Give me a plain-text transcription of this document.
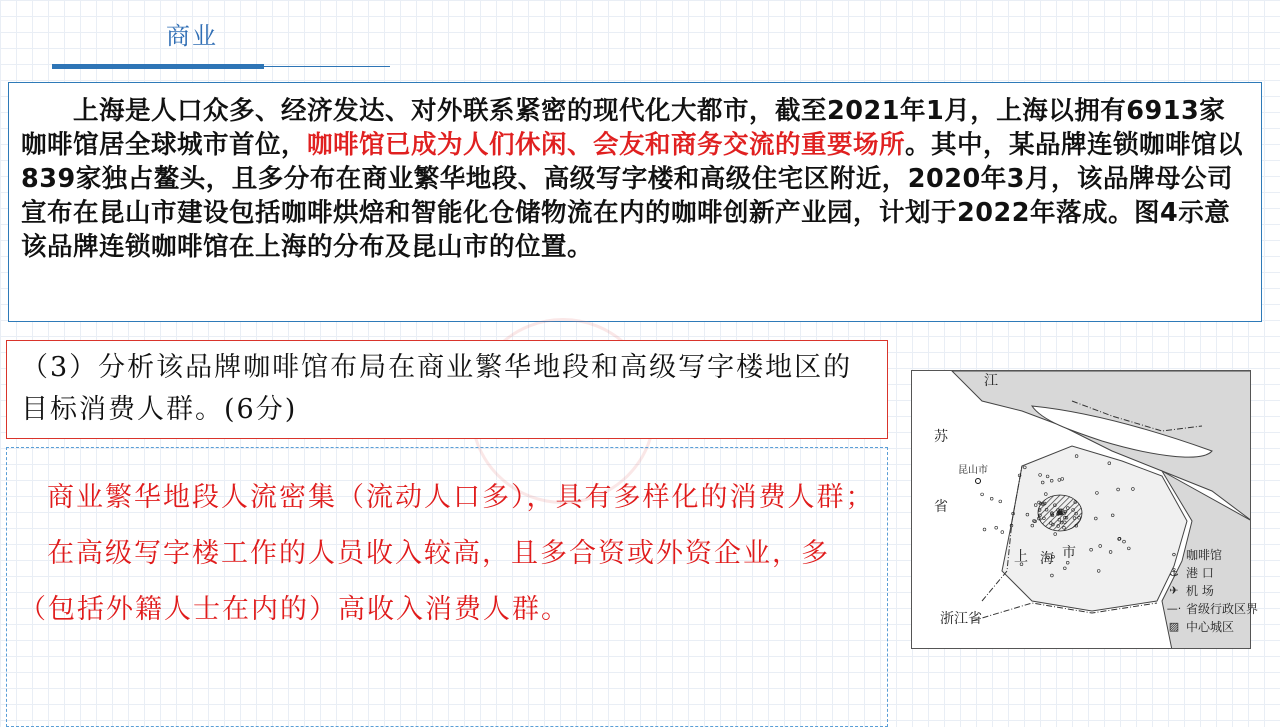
商业

上海是人口众多、经济发达、对外联系紧密的现代化大都市，截至2021年1月，上海以拥有6913家咖啡馆居全球城市首位，咖啡馆已成为人们休闲、会友和商务交流的重要场所。其中，某品牌连锁咖啡馆以839家独占鳌头，且多分布在商业繁华地段、高级写字楼和高级住宅区附近，2020年3月，该品牌母公司宣布在昆山市建设包括咖啡烘焙和智能化仓储物流在内的咖啡创新产业园，计划于2022年落成。图4示意该品牌连锁咖啡馆在上海的分布及昆山市的位置。

（3）分析该品牌咖啡馆布局在商业繁华地段和高级写字楼地区的目标消费人群。(6分)

商业繁华地段人流密集（流动人口多），具有多样化的消费人群；

在高级写字楼工作的人员收入较高，且多合资或外资企业，多（包括外籍人士在内的）高收入消费人群。

江
苏
省
昆山市
上 海 市
浙江省
∘ 咖啡馆
⚓ 港 口
✈ 机 场
—· 省级行政区界
▨ 中心城区
